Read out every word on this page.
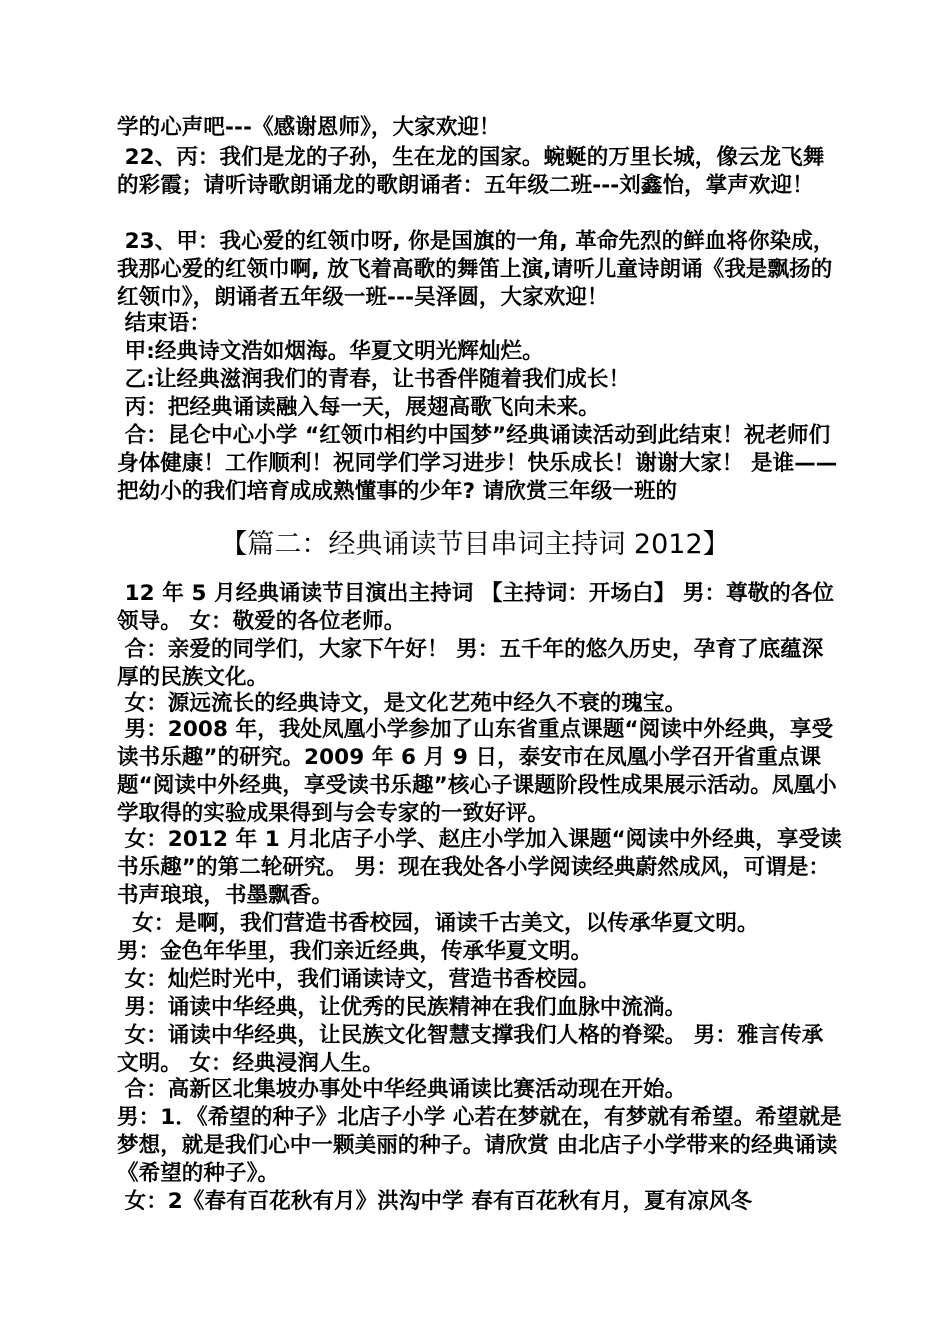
学的心声吧---《感谢恩师》，大家欢迎！
22、丙：我们是龙的子孙，生在龙的国家。蜿蜒的万里长城，像云龙飞舞的彩霞；请听诗歌朗诵龙的歌朗诵者：五年级二班---刘鑫怡，掌声欢迎！
23、甲：我心爱的红领巾呀, 你是国旗的一角, 革命先烈的鲜血将你染成，我那心爱的红领巾啊, 放飞着高歌的舞笛上演,请听儿童诗朗诵《我是飘扬的红领巾》，朗诵者五年级一班---吴泽圆，大家欢迎！
结束语：
甲:经典诗文浩如烟海。华夏文明光辉灿烂。
乙:让经典滋润我们的青春，让书香伴随着我们成长！
丙：把经典诵读融入每一天，展翅高歌飞向未来。
合：昆仑中心小学 “红领巾相约中国梦”经典诵读活动到此结束！祝老师们身体健康！工作顺利！祝同学们学习进步！快乐成长！谢谢大家！ 是谁——把幼小的我们培育成成熟懂事的少年? 请欣赏三年级一班的
【篇二：经典诵读节目串词主持词 2012】
12 年 5 月经典诵读节目演出主持词 【主持词：开场白】 男：尊敬的各位领导。 女：敬爱的各位老师。
合：亲爱的同学们，大家下午好！ 男：五千年的悠久历史，孕育了底蕴深厚的民族文化。
女：源远流长的经典诗文，是文化艺苑中经久不衰的瑰宝。
男：2008 年，我处凤凰小学参加了山东省重点课题“阅读中外经典，享受读书乐趣”的研究。2009 年 6 月 9 日，泰安市在凤凰小学召开省重点课题“阅读中外经典，享受读书乐趣”核心子课题阶段性成果展示活动。凤凰小学取得的实验成果得到与会专家的一致好评。
女：2012 年 1 月北店子小学、赵庄小学加入课题“阅读中外经典，享受读书乐趣”的第二轮研究。 男：现在我处各小学阅读经典蔚然成风，可谓是：书声琅琅，书墨飘香。
女：是啊，我们营造书香校园，诵读千古美文，以传承华夏文明。
男：金色年华里，我们亲近经典，传承华夏文明。
女：灿烂时光中，我们诵读诗文，营造书香校园。
男：诵读中华经典，让优秀的民族精神在我们血脉中流淌。
女：诵读中华经典，让民族文化智慧支撑我们人格的脊梁。 男：雅言传承文明。 女：经典浸润人生。
合：高新区北集坡办事处中华经典诵读比赛活动现在开始。
男：1．《希望的种子》北店子小学 心若在梦就在，有梦就有希望。希望就是梦想，就是我们心中一颗美丽的种子。请欣赏 由北店子小学带来的经典诵读《希望的种子》。
女：2《春有百花秋有月》洪沟中学 春有百花秋有月，夏有凉风冬
